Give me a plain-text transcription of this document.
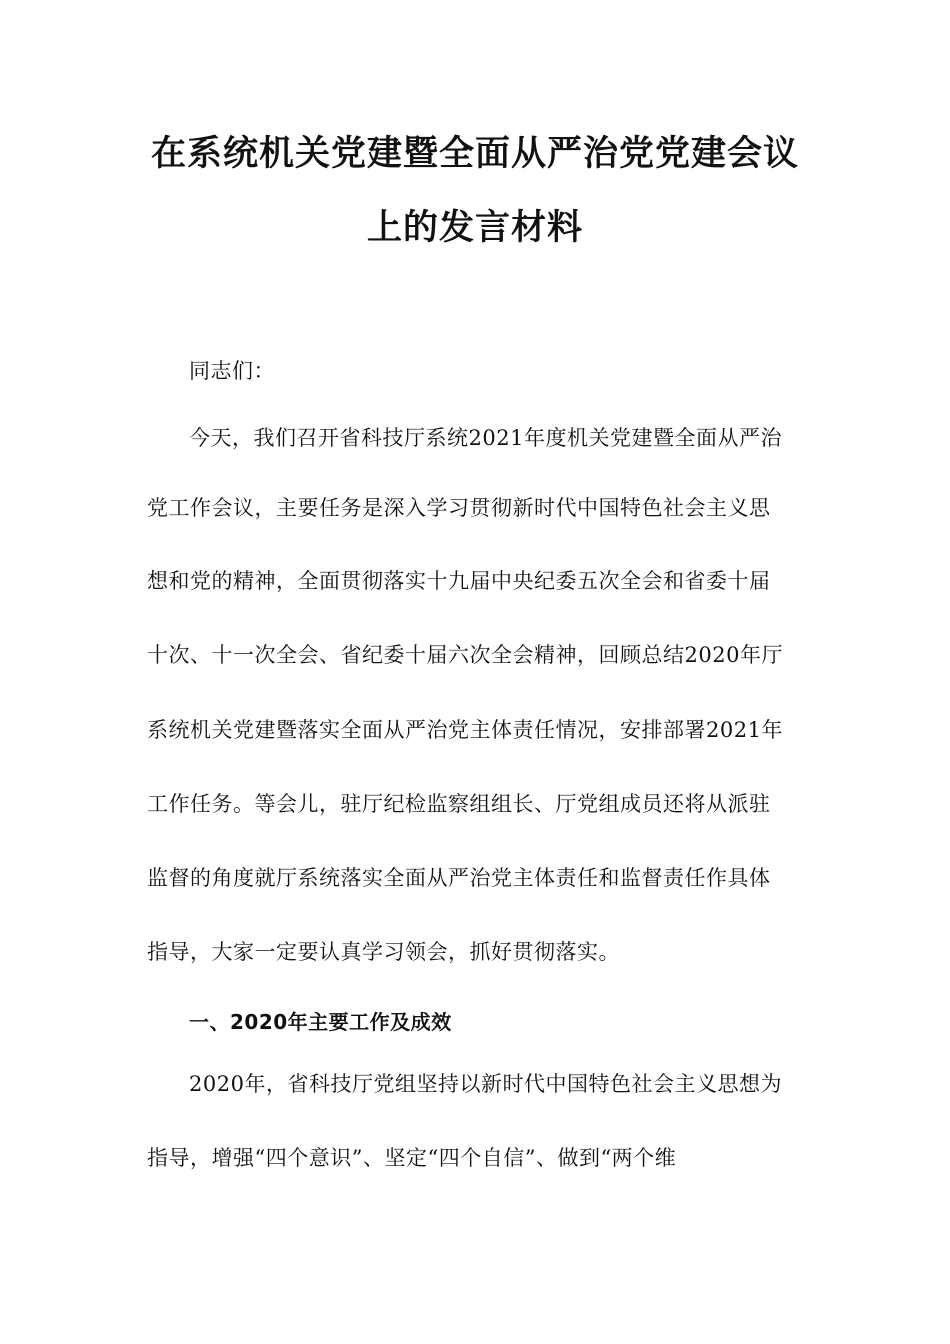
在系统机关党建暨全面从严治党党建会议
上的发言材料
同志们：
今天，我们召开省科技厅系统2021年度机关党建暨全面从严治
党工作会议，主要任务是深入学习贯彻新时代中国特色社会主义思
想和党的精神，全面贯彻落实十九届中央纪委五次全会和省委十届
十次、十一次全会、省纪委十届六次全会精神，回顾总结2020年厅
系统机关党建暨落实全面从严治党主体责任情况，安排部署2021年
工作任务。等会儿，驻厅纪检监察组组长、厅党组成员还将从派驻
监督的角度就厅系统落实全面从严治党主体责任和监督责任作具体
指导，大家一定要认真学习领会，抓好贯彻落实。
一、2020年主要工作及成效
2020年，省科技厅党组坚持以新时代中国特色社会主义思想为
指导，增强“四个意识”、坚定“四个自信”、做到“两个维
